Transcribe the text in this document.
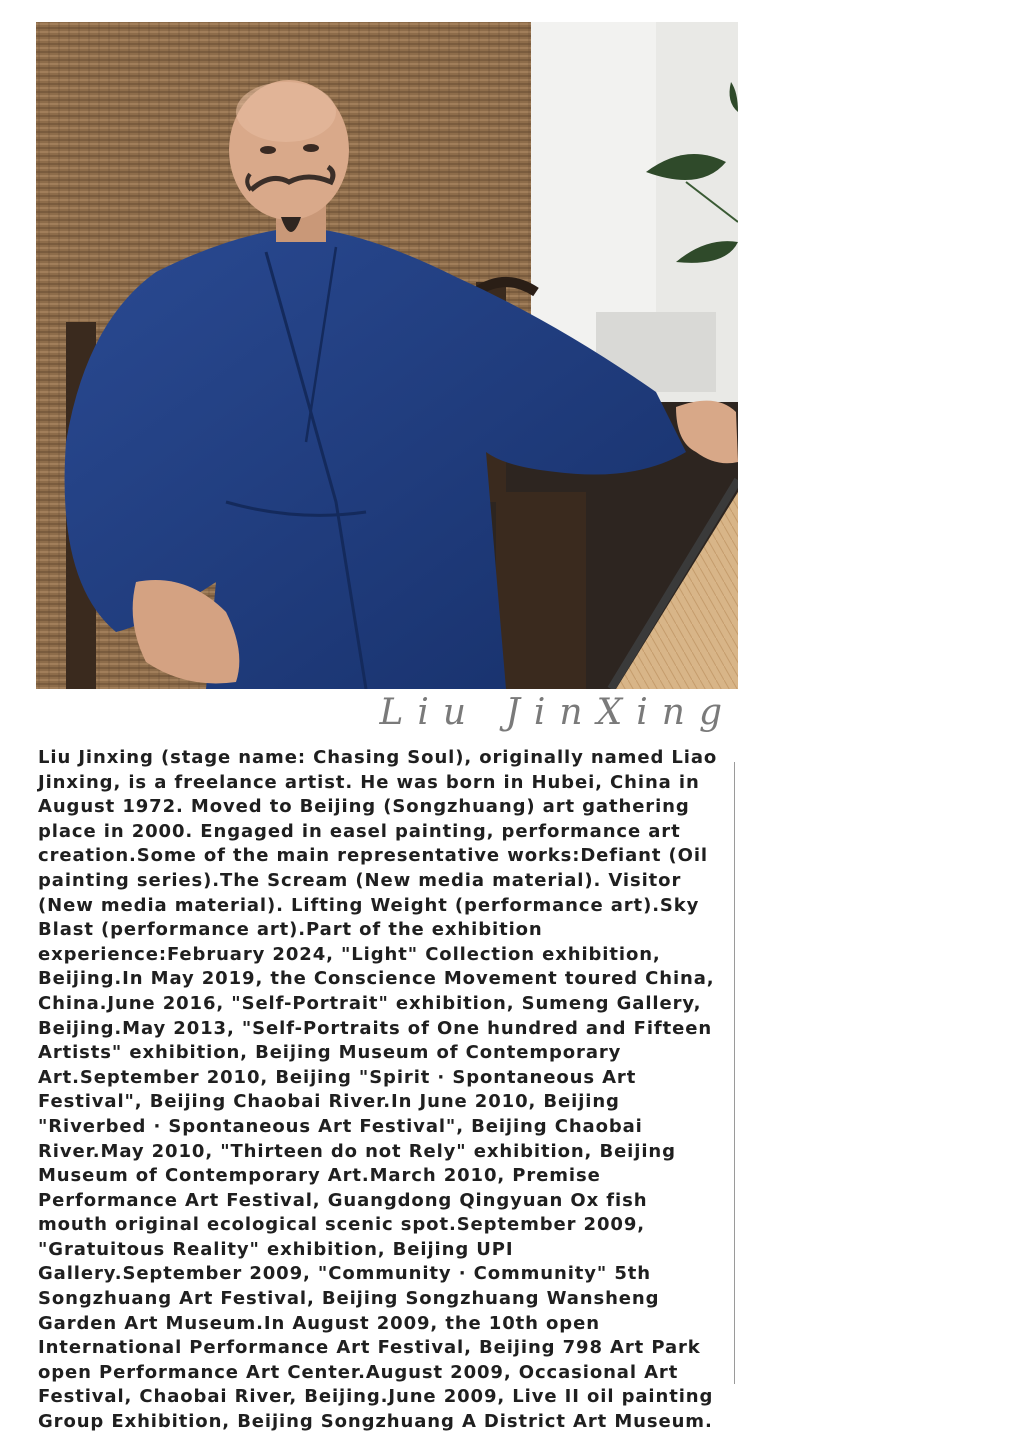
Liu JinXing

Liu Jinxing (stage name: Chasing Soul), originally named Liao Jinxing, is a freelance artist. He was born in Hubei, China in August 1972. Moved to Beijing (Songzhuang) art gathering place in 2000. Engaged in easel painting, performance art creation.Some of the main representative works:Defiant (Oil painting series).The Scream (New media material). Visitor (New media material). Lifting Weight (performance art).Sky Blast (performance art).Part of the exhibition experience:February 2024, "Light" Collection exhibition, Beijing.In May 2019, the Conscience Movement toured China, China.June 2016, "Self-Portrait" exhibition, Sumeng Gallery, Beijing.May 2013, "Self-Portraits of One hundred and Fifteen Artists" exhibition, Beijing Museum of Contemporary Art.September 2010, Beijing "Spirit · Spontaneous Art Festival", Beijing Chaobai River.In June 2010, Beijing "Riverbed · Spontaneous Art Festival", Beijing Chaobai River.May 2010, "Thirteen do not Rely" exhibition, Beijing Museum of Contemporary Art.March 2010, Premise Performance Art Festival, Guangdong Qingyuan Ox fish mouth original ecological scenic spot.September 2009, "Gratuitous Reality" exhibition, Beijing UPI Gallery.September 2009, "Community · Community" 5th Songzhuang Art Festival, Beijing Songzhuang Wansheng Garden Art Museum.In August 2009, the 10th open International Performance Art Festival, Beijing 798 Art Park open Performance Art Center.August 2009, Occasional Art Festival, Chaobai River, Beijing.June 2009, Live II oil painting Group Exhibition, Beijing Songzhuang A District Art Museum.
